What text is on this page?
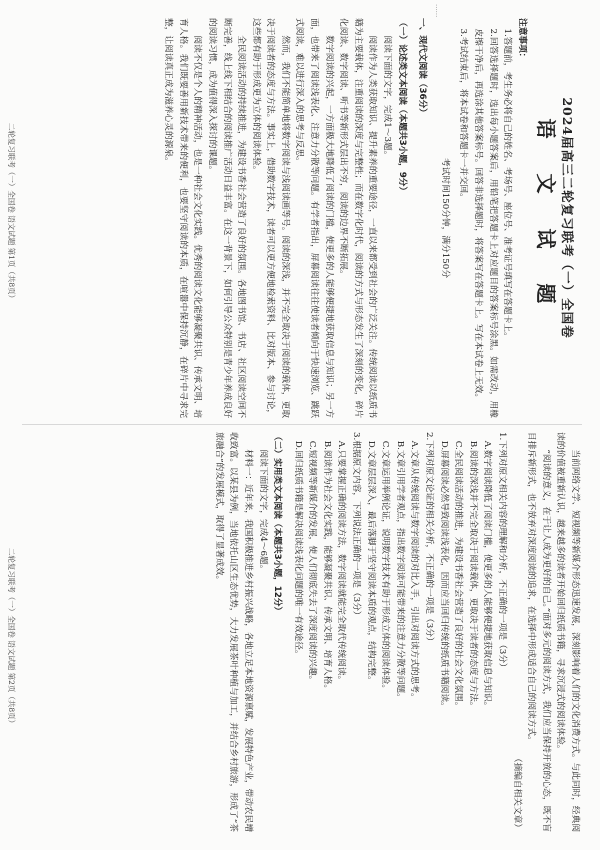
······
2024届高三二轮复习联考（一）全国卷
语 文 试 题
注意事项：

1.答题前，考生务必将自己的姓名、考场号、座位号、准考证号填写在答题卡上。

2.回答选择题时，选出每小题答案后，用铅笔把答题卡上对应题目的答案标号涂黑。如需改动，用橡皮擦干净后，再选涂其他答案标号。回答非选择题时，将答案写在答题卡上。写在本试卷上无效。

3.考试结束后，将本试卷和答题卡一并交回。

考试时间150分钟，满分150分

一、现代文阅读（36分）
（一）论述类文本阅读（本题共3小题，9分）

阅读下面的文字，完成1～3题。

阅读作为人类获取知识、提升素养的重要途径，一直以来都受到社会的广泛关注。传统阅读以纸质书籍为主要载体，注重阅读的深度与完整性；而在数字化时代，阅读的方式与形态发生了深刻的变化，碎片化阅读、数字阅读、听书等新形式层出不穷，阅读的边界不断拓展。

数字阅读的兴起，一方面极大地降低了阅读的门槛，使更多的人能够便捷地获取信息与知识；另一方面，也带来了阅读浅表化、注意力分散等问题。有学者指出，屏幕阅读往往使读者倾向于快速浏览、跳跃式阅读，难以进行深入的思考与反思。

然而，我们不能简单地将数字阅读与浅阅读画等号。阅读的深浅，并不完全取决于阅读的载体，更取决于阅读者的态度与方法。事实上，借助数字技术，读者可以更方便地检索资料、比对版本、参与讨论，这些都有助于形成更为立体的阅读体验。

全民阅读活动的持续推进，为建设书香社会营造了良好的氛围。各地图书馆、书店、社区阅读空间不断完善，线上线下相结合的阅读推广活动日益丰富。在这一背景下，如何引导公众特别是青少年养成良好的阅读习惯，成为值得深入探讨的课题。

阅读不仅是个人的精神活动，也是一种社会文化实践。优秀的阅读文化能够凝聚共识、传承文明、培育人格。我们既要善用新技术带来的便利，也要坚守阅读的本质，在喧嚣中保持沉静，在碎片中寻求完整，让阅读真正成为滋养心灵的源泉。

二轮复习联考（一）全国卷 语文试题 第1页（共8页）

当前网络文学、短视频等新媒介形态迅速发展，深刻影响着人们的文化消费方式。与此同时，经典阅读的价值被重新认识，越来越多的读者开始回归纸质书籍，寻求沉浸式的阅读体验。

“阅读的意义，在于让人成为更好的自己。”面对多元的阅读方式，我们应当保持开放的心态，既不盲目排斥新形式，也不放弃对深度阅读的追求，在选择中形成适合自己的阅读方式。

（摘编自相关文章）

1.下列对原文相关内容的理解和分析，不正确的一项是（3分）

A.数字阅读降低了阅读门槛，使更多的人能够便捷地获取信息与知识。

B.阅读的深浅并不完全取决于阅读载体，更取决于读者的态度与方法。

C.全民阅读活动的推进，为建设书香社会营造了良好的社会文化氛围。

D.屏幕阅读必然导致阅读浅表化，因而应当回归传统的纸质书籍阅读。

2.下列对原文论证的相关分析，不正确的一项是（3分）

A.文章从传统阅读与数字阅读的对比入手，引出对阅读方式的思考。

B.文章引用学者观点，指出数字阅读可能带来的注意力分散等问题。

C.文章运用举例论证，说明数字技术有助于形成立体的阅读体验。

D.文章层层深入，最后落脚于坚守阅读本质的观点，结构完整。

3.根据原文内容，下列说法正确的一项是（3分）

A.只要掌握正确的阅读方法，数字阅读就能完全取代传统阅读。

B.阅读作为社会文化实践，能够凝聚共识、传承文明、培育人格。

C.短视频等新媒介的发展，使人们彻底失去了深度阅读的兴趣。

D.回归纸质书籍是解决阅读浅表化问题的唯一有效途径。

（二）实用类文本阅读（本题共3小题，12分）

阅读下面的文字，完成4～6题。

材料一：近年来，我国积极推进乡村振兴战略，各地立足本地资源禀赋，发展特色产业，带动农民增收致富。以某县为例，当地依托山区生态优势，大力发展茶叶种植与加工，并结合乡村旅游，形成了“茶旅融合”的发展模式，取得了显著成效。

二轮复习联考（一）全国卷 语文试题 第2页（共8页）
